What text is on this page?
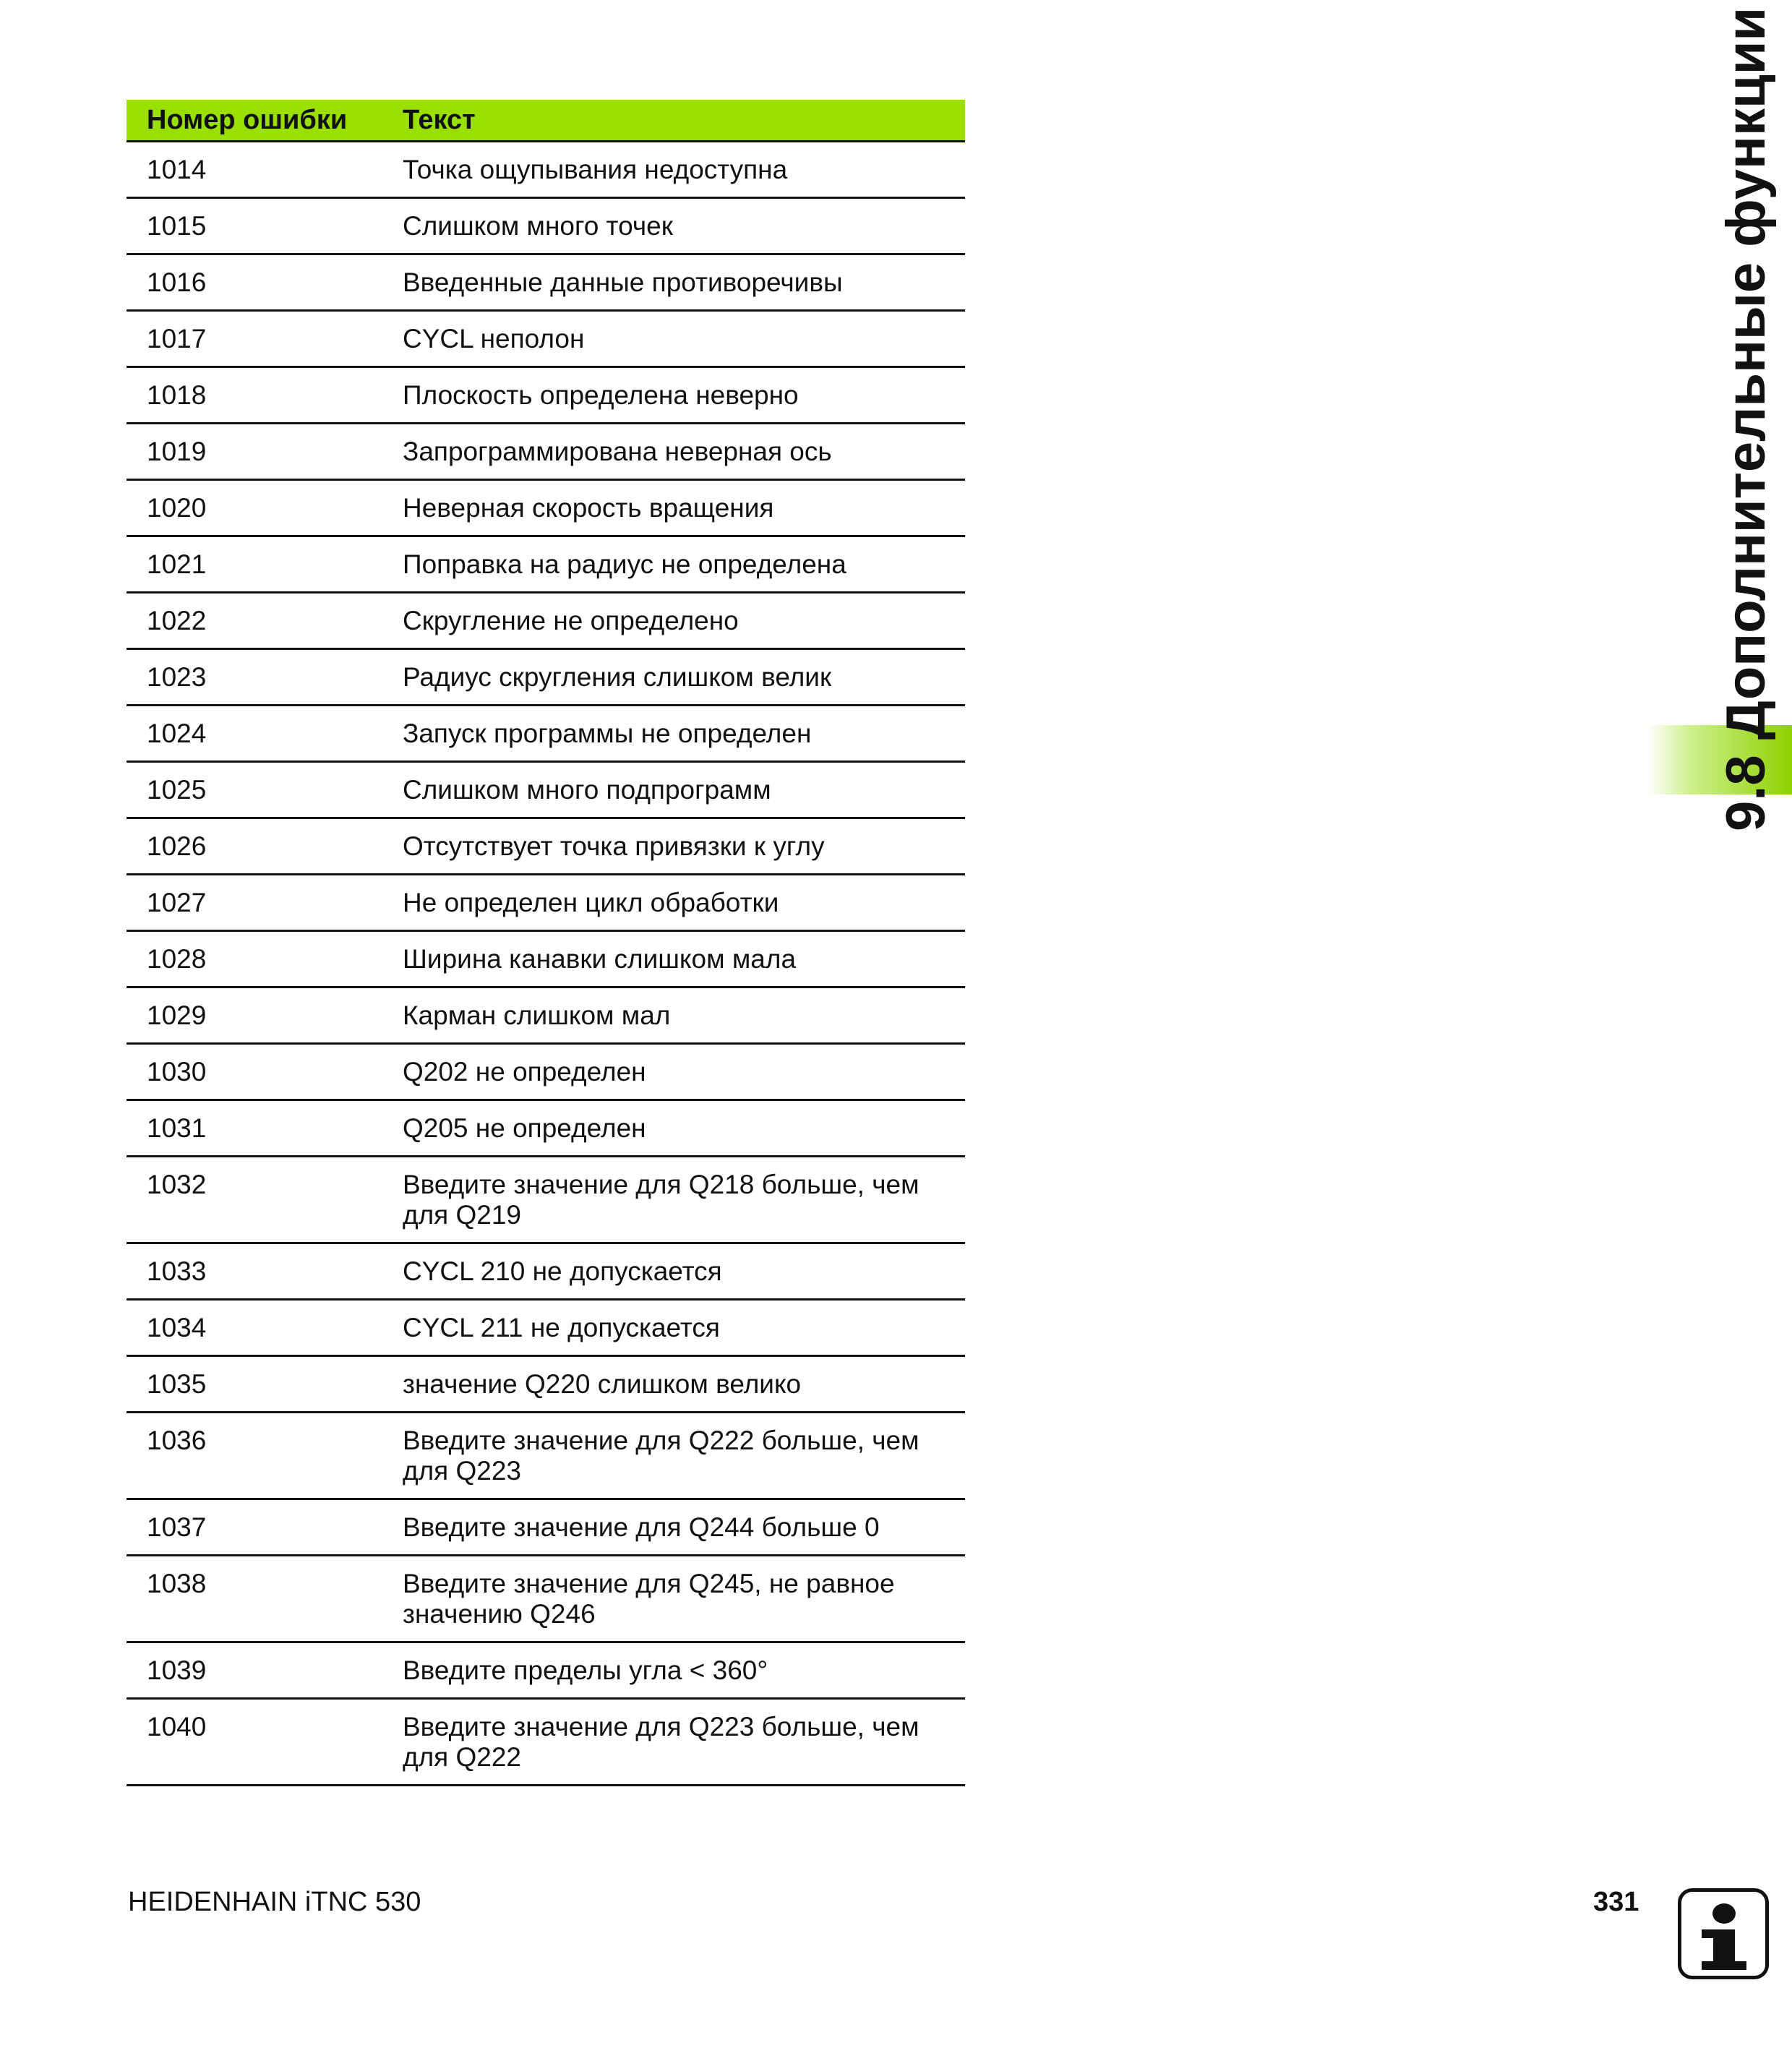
Номер ошибки	Текст
1014	Точка ощупывания недоступна
1015	Слишком много точек
1016	Введенные данные противоречивы
1017	CYCL неполон
1018	Плоскость определена неверно
1019	Запрограммирована неверная ось
1020	Неверная скорость вращения
1021	Поправка на радиус не определена
1022	Скругление не определено
1023	Радиус скругления слишком велик
1024	Запуск программы не определен
1025	Слишком много подпрограмм
1026	Отсутствует точка привязки к углу
1027	Не определен цикл обработки
1028	Ширина канавки слишком мала
1029	Карман слишком мал
1030	Q202 не определен
1031	Q205 не определен
1032	Введите значение для Q218 больше, чем для Q219
1033	CYCL 210 не допускается
1034	CYCL 211 не допускается
1035	значение Q220 слишком велико
1036	Введите значение для Q222 больше, чем для Q223
1037	Введите значение для Q244 больше 0
1038	Введите значение для Q245, не равное значению Q246
1039	Введите пределы угла < 360°
1040	Введите значение для Q223 больше, чем для Q222
9.8 Дополнительные функции
HEIDENHAIN iTNC 530	331
